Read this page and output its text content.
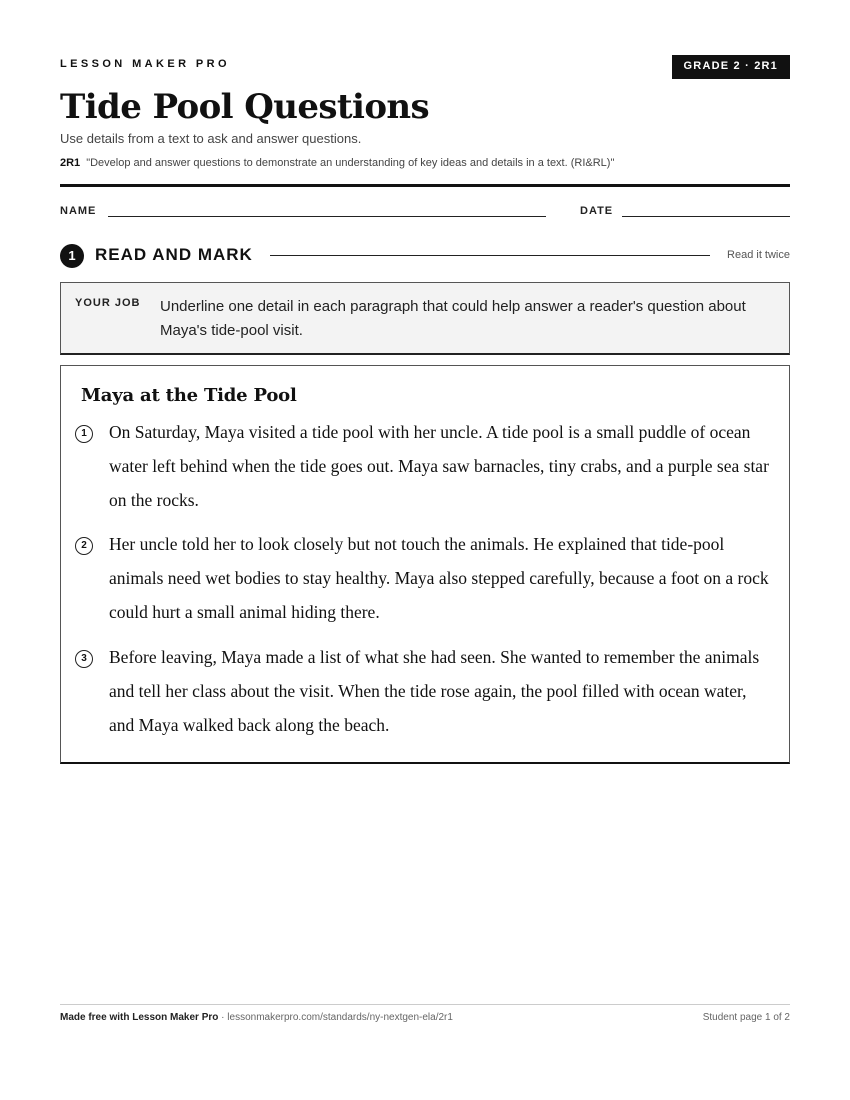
LESSON MAKER PRO	GRADE 2 · 2R1
Tide Pool Questions
Use details from a text to ask and answer questions.
2R1 "Develop and answer questions to demonstrate an understanding of key ideas and details in a text. (RI&RL)"
NAME	DATE
1	READ AND MARK	Read it twice
YOUR JOB Underline one detail in each paragraph that could help answer a reader's question about Maya's tide-pool visit.
Maya at the Tide Pool
1	On Saturday, Maya visited a tide pool with her uncle. A tide pool is a small puddle of ocean water left behind when the tide goes out. Maya saw barnacles, tiny crabs, and a purple sea star on the rocks.
2	Her uncle told her to look closely but not touch the animals. He explained that tide-pool animals need wet bodies to stay healthy. Maya also stepped carefully, because a foot on a rock could hurt a small animal hiding there.
3	Before leaving, Maya made a list of what she had seen. She wanted to remember the animals and tell her class about the visit. When the tide rose again, the pool filled with ocean water, and Maya walked back along the beach.
Made free with Lesson Maker Pro · lessonmakerpro.com/standards/ny-nextgen-ela/2r1	Student page 1 of 2
